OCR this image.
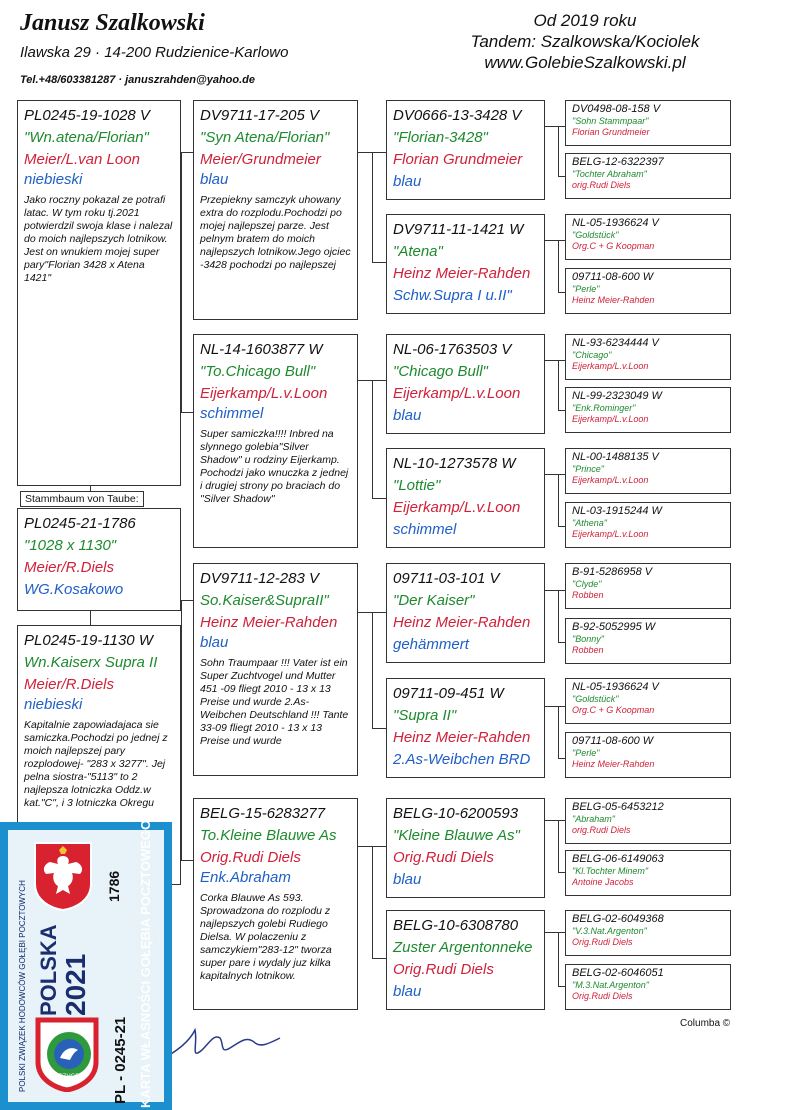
Janusz Szalkowski
Ilawska 29 · 14-200 Rudzienice-Karlowo
Tel.+48/603381287 · januszrahden@yahoo.de
Od 2019 roku
Tandem: Szalkowska/Kociolek
www.GolebieSzalkowski.pl
PL0245-19-1028 V
"Wn.atena/Florian"
Meier/L.van Loon
niebieski
Jako roczny pokazal ze potrafi latac. W tym roku tj.2021 potwierdzil swoja klase i nalezal do moich najlepszych lotnikow. Jest on wnukiem mojej super pary"Florian 3428 x Atena 1421"
Stammbaum von Taube:
PL0245-21-1786
"1028 x 1130"
Meier/R.Diels
WG.Kosakowo
PL0245-19-1130 W
Wn.Kaiserx Supra II
Meier/R.Diels
niebieski
Kapitalnie zapowiadajaca sie samiczka.Pochodzi po jednej z moich najlepszej pary rozplodowej- "283 x 3277". Jej pelna siostra-"5113" to 2 najlepsza lotniczka Oddz.w kat."C", i 3 lotniczka Okregu
DV9711-17-205 V
"Syn Atena/Florian"
Meier/Grundmeier
blau
Przepiekny samczyk uhowany extra do rozplodu.Pochodzi po mojej najlepszej parze. Jest pelnym bratem do moich najlepszych lotnikow.Jego ojciec -3428 pochodzi po najlepszej
NL-14-1603877 W
"To.Chicago Bull"
Eijerkamp/L.v.Loon
schimmel
Super samiczka!!!! Inbred na slynnego golebia"Silver Shadow" u rodziny Eijerkamp. Pochodzi jako wnuczka z jednej i drugiej strony po braciach do "Silver Shadow"
DV9711-12-283 V
So.Kaiser&SupraII"
Heinz Meier-Rahden
blau
Sohn Traumpaar !!! Vater ist ein Super Zuchtvogel und Mutter 451 -09 fliegt 2010 - 13 x 13 Preise und wurde 2.As-Weibchen Deutschland !!! Tante 33-09 fliegt 2010 - 13 x 13 Preise und wurde
BELG-15-6283277
To.Kleine Blauwe As
Orig.Rudi Diels
Enk.Abraham
Corka Blauwe As 593. Sprowadzona do rozplodu z najlepszych golebi Rudiego Dielsa. W polaczeniu z samczykiem"283-12" tworza super pare i wydaly juz kilka kapitalnych lotnikow.
DV0666-13-3428 V
"Florian-3428"
Florian Grundmeier
blau
DV9711-11-1421 W
"Atena"
Heinz Meier-Rahden
Schw.Supra I u.II"
NL-06-1763503 V
"Chicago Bull"
Eijerkamp/L.v.Loon
blau
NL-10-1273578 W
"Lottie"
Eijerkamp/L.v.Loon
schimmel
09711-03-101 V
"Der Kaiser"
Heinz Meier-Rahden
gehämmert
09711-09-451 W
"Supra II"
Heinz Meier-Rahden
2.As-Weibchen BRD
BELG-10-6200593
"Kleine Blauwe As"
Orig.Rudi Diels
blau
BELG-10-6308780
Zuster Argentonneke
Orig.Rudi Diels
blau
DV0498-08-158 V
"Sohn Stammpaar"
Florian Grundmeier
BELG-12-6322397
"Tochter Abraham"
orig.Rudi Diels
NL-05-1936624 V
"Goldstück"
Org.C + G Koopman
09711-08-600 W
"Perle"
Heinz Meier-Rahden
NL-93-6234444 V
"Chicago"
Eijerkamp/L.v.Loon
NL-99-2323049 W
"Enk.Rominger"
Eijerkamp/L.v.Loon
NL-00-1488135 V
"Prince"
Eijerkamp/L.v.Loon
NL-03-1915244 W
"Athena"
Eijerkamp/L.v.Loon
B-91-5286958 V
"Clyde"
Robben
B-92-5052995 W
"Bonny"
Robben
NL-05-1936624 V
"Goldstück"
Org.C + G Koopman
09711-08-600 W
"Perle"
Heinz Meier-Rahden
BELG-05-6453212
"Abraham"
orig.Rudi Diels
BELG-06-6149063
"Kl.Tochter Minem"
Antoine Jacobs
BELG-02-6049368
"V.3.Nat.Argenton"
Orig.Rudi Diels
BELG-02-6046051
"M.3.Nat.Argenton"
Orig.Rudi Diels
Columba ©
POLSKI ZWIĄZEK HODOWCÓW GOŁĘBI POCZTOWYCH POLSKA 2021
1786
PZHGP PL - 0245-21 KARTA WŁASNOŚCI GOŁĘBIA POCZTOWEGO
